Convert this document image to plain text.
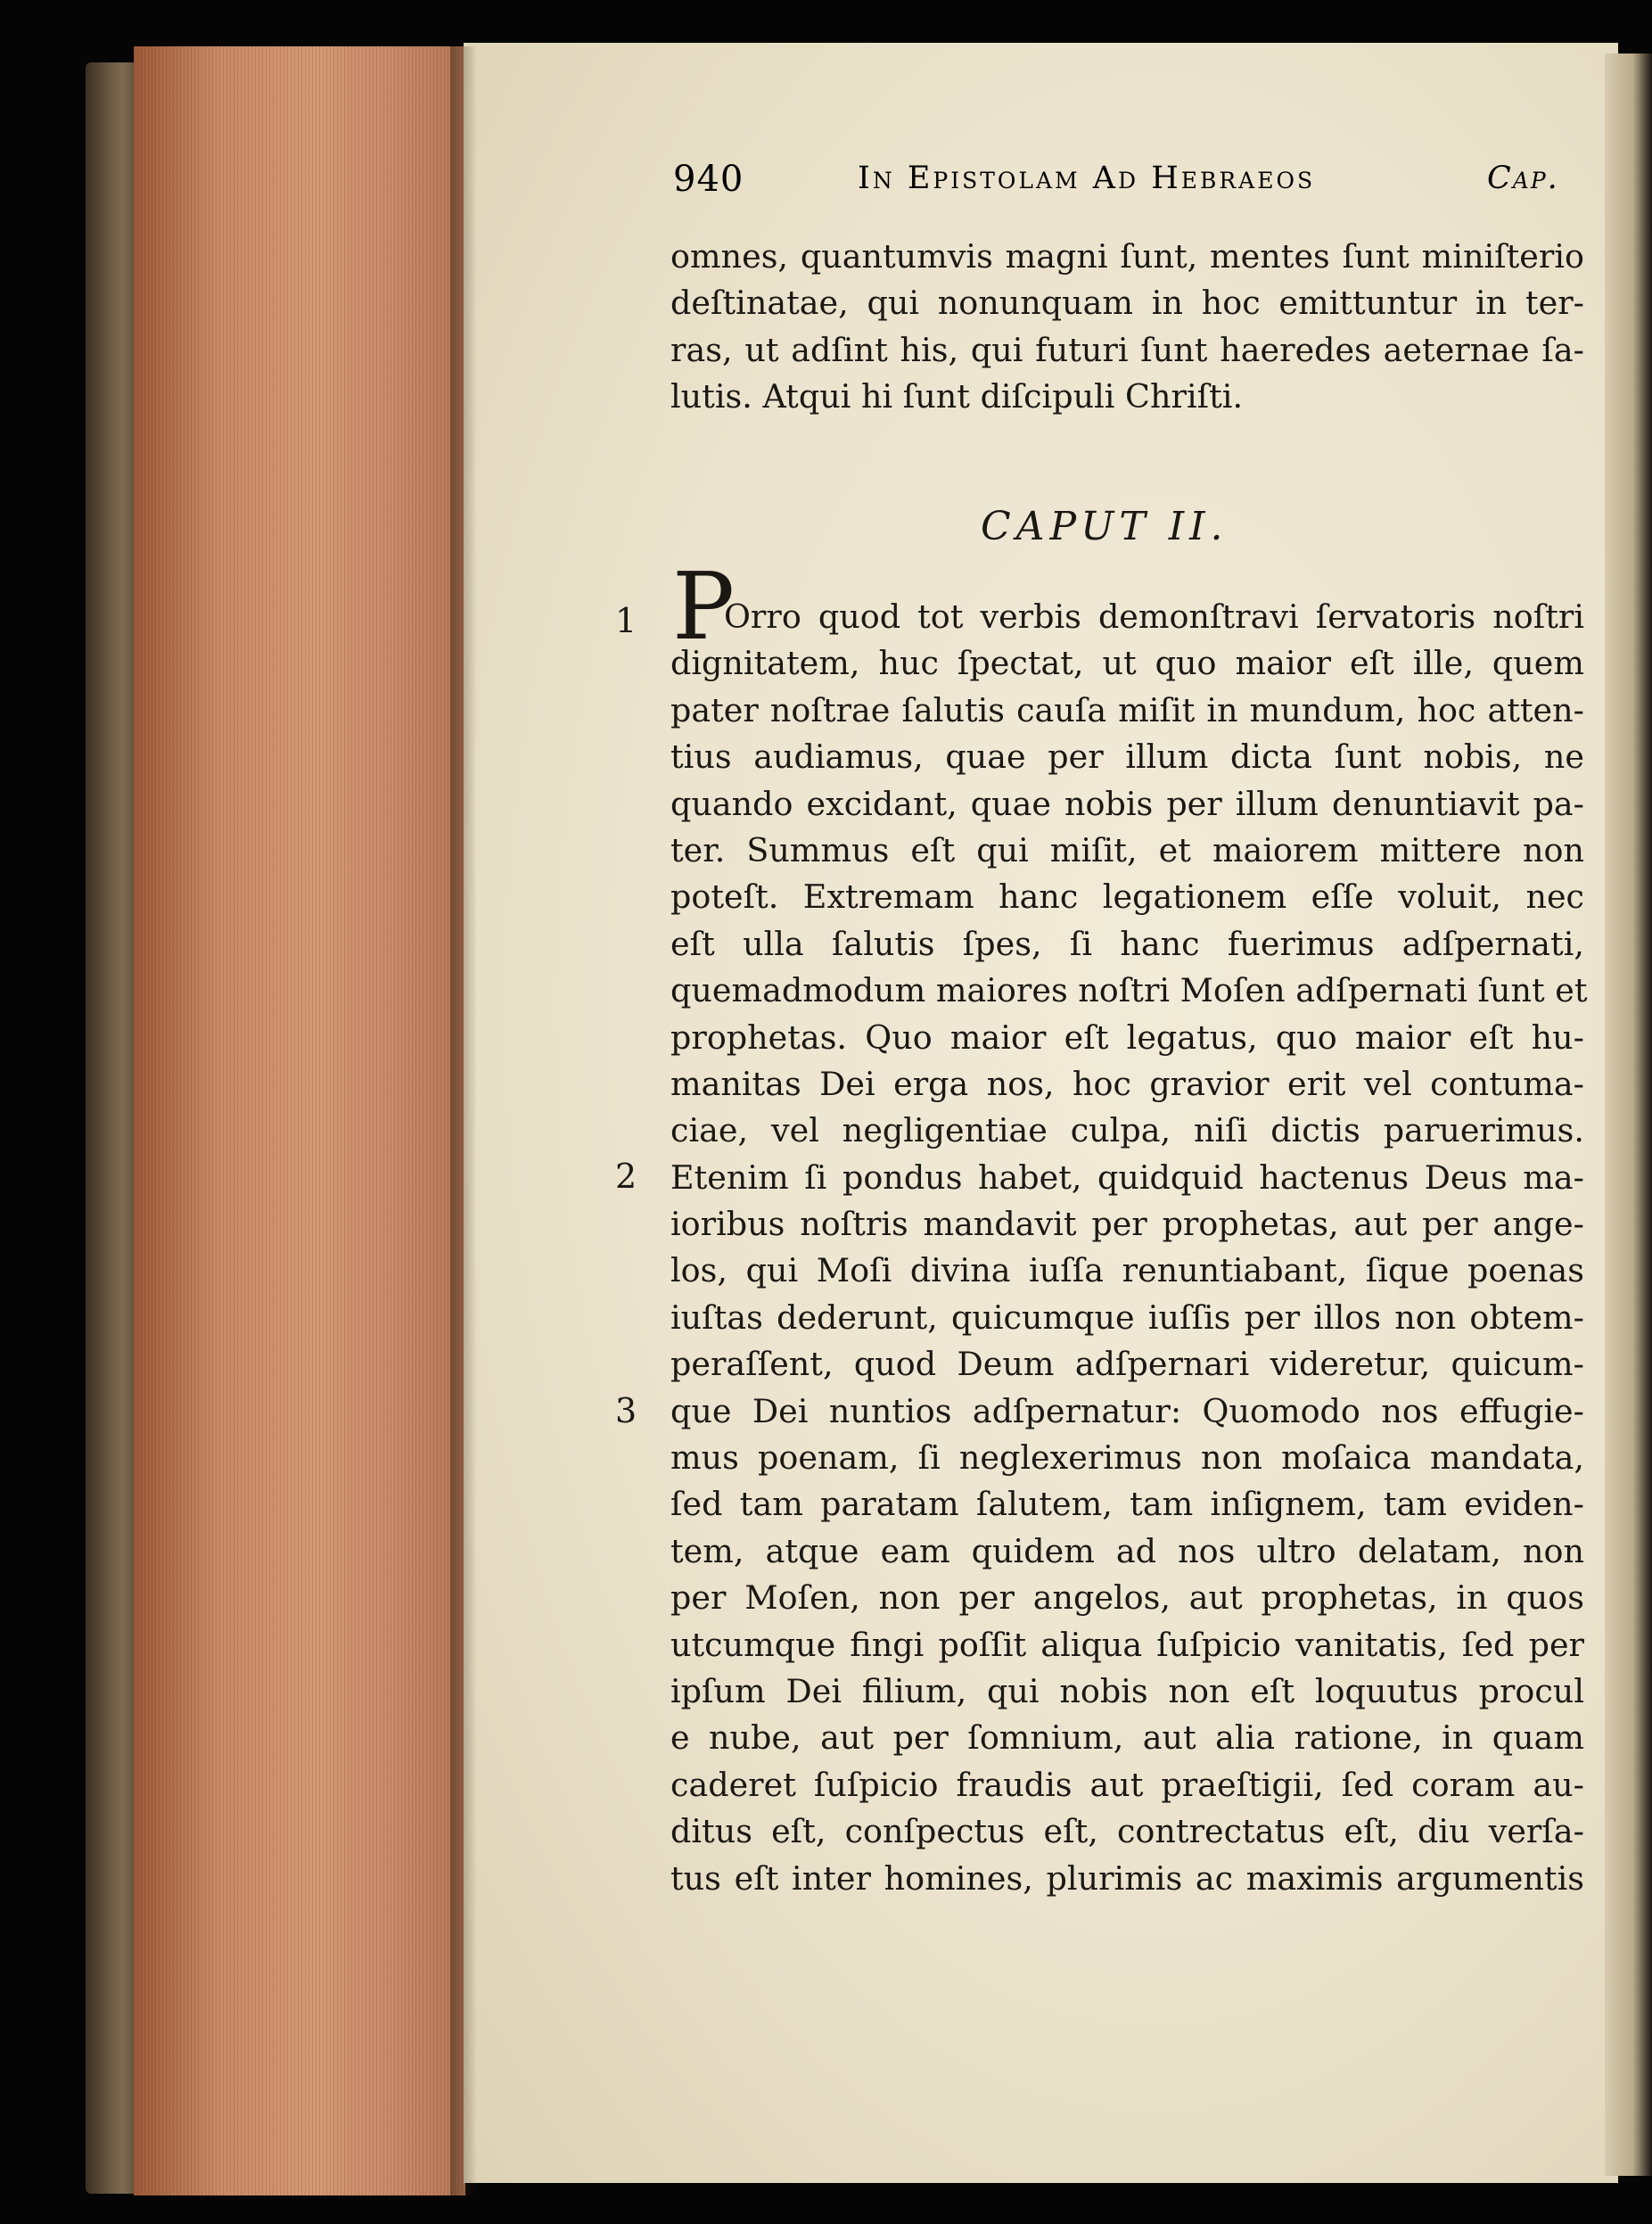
940	In Epistolam Ad Hebraeos	Cap.
omnes, quantumvis magni ſunt, mentes ſunt miniſterio
deſtinatae, qui nonunquam in hoc emittuntur in ter-
ras, ut adſint his, qui futuri ſunt haeredes aeternae ſa-
lutis. Atqui hi ſunt diſcipuli Chriſti.
CAPUT II.
P
1
2
3
Orro quod tot verbis demonſtravi ſervatoris noſtri
dignitatem, huc ſpectat, ut quo maior eſt ille, quem
pater noſtrae ſalutis cauſa miſit in mundum, hoc atten-
tius audiamus, quae per illum dicta ſunt nobis, ne
quando excidant, quae nobis per illum denuntiavit pa-
ter. Summus eſt qui miſit, et maiorem mittere non
poteſt. Extremam hanc legationem eſſe voluit, nec
eſt ulla ſalutis ſpes, ſi hanc fuerimus adſpernati,
quemadmodum maiores noſtri Moſen adſpernati ſunt et
prophetas. Quo maior eſt legatus, quo maior eſt hu-
manitas Dei erga nos, hoc gravior erit vel contuma-
ciae, vel negligentiae culpa, niſi dictis paruerimus.
Etenim ſi pondus habet, quidquid hactenus Deus ma-
ioribus noſtris mandavit per prophetas, aut per ange-
los, qui Moſi divina iuſſa renuntiabant, ſique poenas
iuſtas dederunt, quicumque iuſſis per illos non obtem-
peraſſent, quod Deum adſpernari videretur, quicum-
que Dei nuntios adſpernatur: Quomodo nos effugie-
mus poenam, ſi neglexerimus non moſaica mandata,
ſed tam paratam ſalutem, tam inſignem, tam eviden-
tem, atque eam quidem ad nos ultro delatam, non
per Moſen, non per angelos, aut prophetas, in quos
utcumque fingi poſſit aliqua ſuſpicio vanitatis, ſed per
ipſum Dei filium, qui nobis non eſt loquutus procul
e nube, aut per ſomnium, aut alia ratione, in quam
caderet ſuſpicio fraudis aut praeſtigii, ſed coram au-
ditus eſt, conſpectus eſt, contrectatus eſt, diu verſa-
tus eſt inter homines, plurimis ac maximis argumentis
